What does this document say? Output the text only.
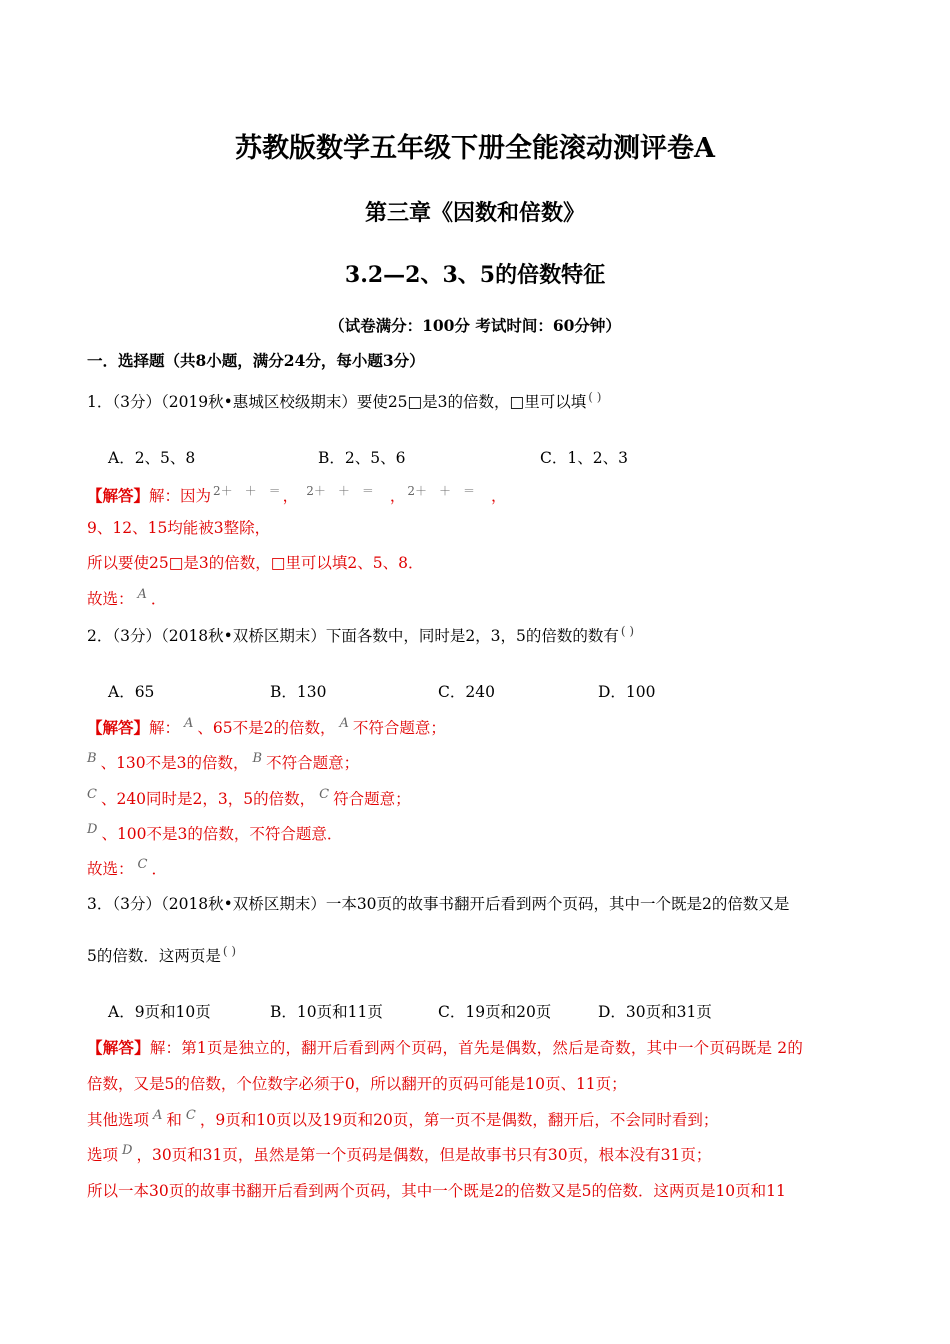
苏教版数学五年级下册全能滚动测评卷A
第三章《因数和倍数》
3.2—2、3、5的倍数特征
（试卷满分：100分 考试时间：60分钟）
一．选择题（共8小题，满分24分，每小题3分）
1．（3分）（2019秋•惠城区校级期末）要使25□是3的倍数，□里可以填 ( )
A．2、5、8	B．2、5、6	C．1、2、3
【解答】解：因为 $^{2+ + =}$ ， $^{2+ + =}$ ， $^{2+ + =}$ ，
9、12、15均能被3整除，
所以要使25□是3的倍数，□里可以填2、5、8．
故选： $^A$ ．
2．（3分）（2018秋•双桥区期末）下面各数中，同时是2，3，5的倍数的数有 ( )
A．65	B．130	C．240	D．100
【解答】解： $^A$ 、65不是2的倍数， $^A$ 不符合题意；
$^B$ 、130不是3的倍数， $^B$ 不符合题意；
$^C$ 、240同时是2，3，5的倍数， $^C$ 符合题意；
$^D$ 、100不是3的倍数，不符合题意．
故选： $^C$ ．
3．（3分）（2018秋•双桥区期末）一本30页的故事书翻开后看到两个页码，其中一个既是2的倍数又是
5的倍数．这两页是 ( )
A．9页和10页	B．10页和11页	C．19页和20页	D．30页和31页
【解答】解：第1页是独立的，翻开后看到两个页码，首先是偶数，然后是奇数，其中一个页码既是 2的
倍数，又是5的倍数，个位数字必须于0，所以翻开的页码可能是10页、11页；
其他选项 $^A$ 和 $^C$ ，9页和10页以及19页和20页，第一页不是偶数，翻开后，不会同时看到；
选项 $^D$ ，30页和31页，虽然是第一个页码是偶数，但是故事书只有30页，根本没有31页；
所以一本30页的故事书翻开后看到两个页码，其中一个既是2的倍数又是5的倍数．这两页是10页和11
